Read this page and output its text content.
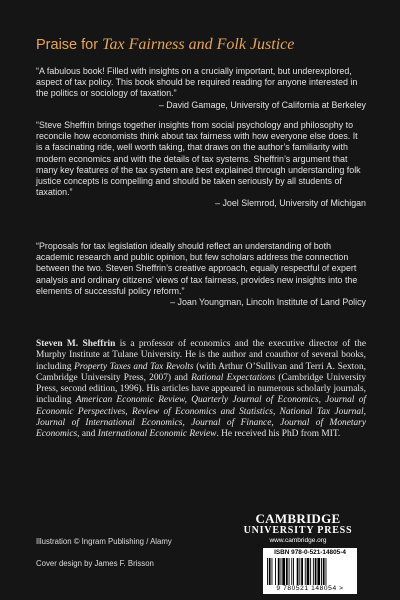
Praise for Tax Fairness and Folk Justice

“A fabulous book! Filled with insights on a crucially important, but underexplored, aspect of tax policy. This book should be required reading for anyone interested in the politics or sociology of taxation.”

– David Gamage, University of California at Berkeley

“Steve Sheffrin brings together insights from social psychology and philosophy to reconcile how economists think about tax fairness with how everyone else does. It is a fascinating ride, well worth taking, that draws on the author’s familiarity with modern economics and with the details of tax systems. Sheffrin’s argument that many key features of the tax system are best explained through understanding folk justice concepts is compelling and should be taken seriously by all students of taxation.”

– Joel Slemrod, University of Michigan

“Proposals for tax legislation ideally should reflect an understanding of both academic research and public opinion, but few scholars address the connection between the two. Steven Sheffrin’s creative approach, equally respectful of expert analysis and ordinary citizens’ views of tax fairness, provides new insights into the elements of successful policy reform.”

– Joan Youngman, Lincoln Institute of Land Policy

Steven M. Sheffrin is a professor of economics and the executive director of the Murphy Institute at Tulane University. He is the author and coauthor of several books, including Property Taxes and Tax Revolts (with Arthur O’Sullivan and Terri A. Sexton, Cambridge University Press, 2007) and Rational Expectations (Cambridge University Press, second edition, 1996). His articles have appeared in numerous scholarly journals, including American Economic Review, Quarterly Journal of Economics, Journal of Economic Perspectives, Review of Economics and Statistics, National Tax Journal, Journal of International Economics, Journal of Finance, Journal of Monetary Economics, and International Economic Review. He received his PhD from MIT.
Illustration © Ingram Publishing / Alamy
Cover design by James F. Brisson
CAMBRIDGE
UNIVERSITY PRESS
www.cambridge.org
ISBN 978-0-521-14805-4
9 780521 148054 >
